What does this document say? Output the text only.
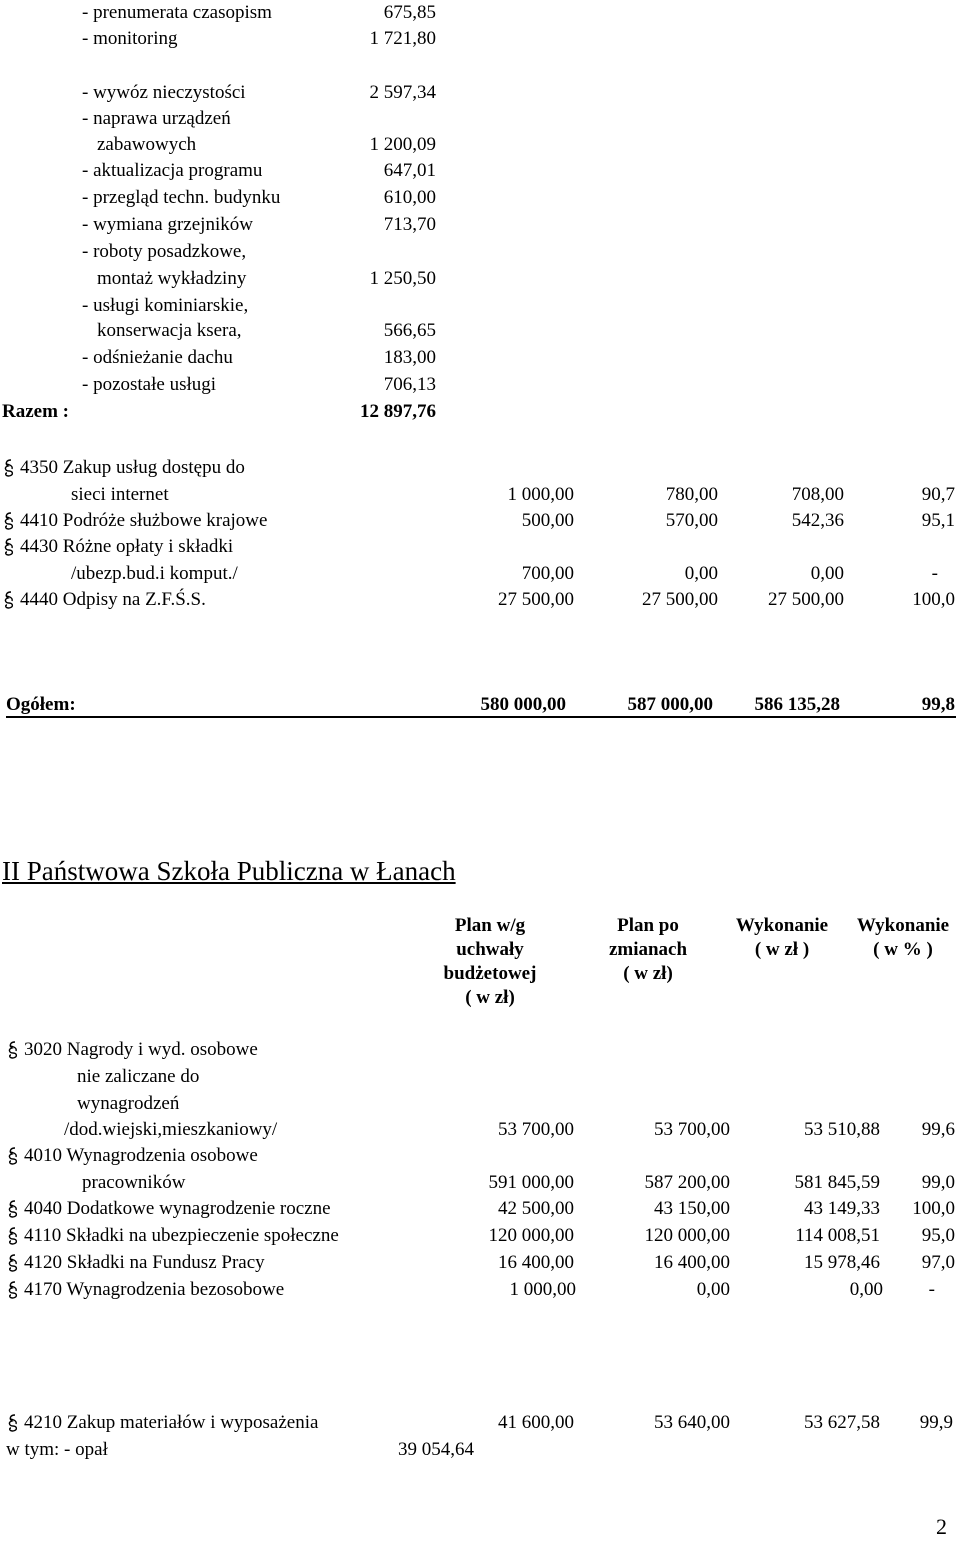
- prenumerata czasopism	675,85
- monitoring	1 721,80
- wywóz nieczystości	2 597,34
- naprawa urządzeń
zabawowych	1 200,09
- aktualizacja programu	647,01
- przegląd techn. budynku	610,00
- wymiana grzejników	713,70
- roboty posadzkowe,
montaż wykładziny	1 250,50
- usługi kominiarskie,
konserwacja ksera,	566,65
- odśnieżanie dachu	183,00
- pozostałe usługi	706,13
Razem :	12 897,76
4350 Zakup usług dostępu do
sieci internet	1 000,00	780,00	708,00	90,7
4410 Podróże służbowe krajowe	500,00	570,00	542,36	95,1
4430 Różne opłaty i składki
/ubezp.bud.i komput./	700,00	0,00	0,00	-
4440 Odpisy na Z.F.Ś.S.	27 500,00	27 500,00	27 500,00	100,0
Ogółem:	580 000,00	587 000,00	586 135,28	99,8
II Państwowa Szkoła Publiczna w Łanach
Plan w/g
uchwały
budżetowej
( w zł)
Plan po
zmianach
( w zł)
Wykonanie
( w zł )
Wykonanie
( w % )
3020 Nagrody i wyd. osobowe
nie zaliczane do
wynagrodzeń
/dod.wiejski,mieszkaniowy/	53 700,00	53 700,00	53 510,88	99,6
4010 Wynagrodzenia osobowe
pracowników	591 000,00	587 200,00	581 845,59	99,0
4040 Dodatkowe wynagrodzenie roczne	42 500,00	43 150,00	43 149,33	100,0
4110 Składki na ubezpieczenie społeczne	120 000,00	120 000,00	114 008,51	95,0
4120 Składki na Fundusz Pracy	16 400,00	16 400,00	15 978,46	97,0
4170 Wynagrodzenia bezosobowe	1 000,00	0,00	0,00	-
4210 Zakup materiałów i wyposażenia	41 600,00	53 640,00	53 627,58	99,9
w tym: - opał	39 054,64
2
